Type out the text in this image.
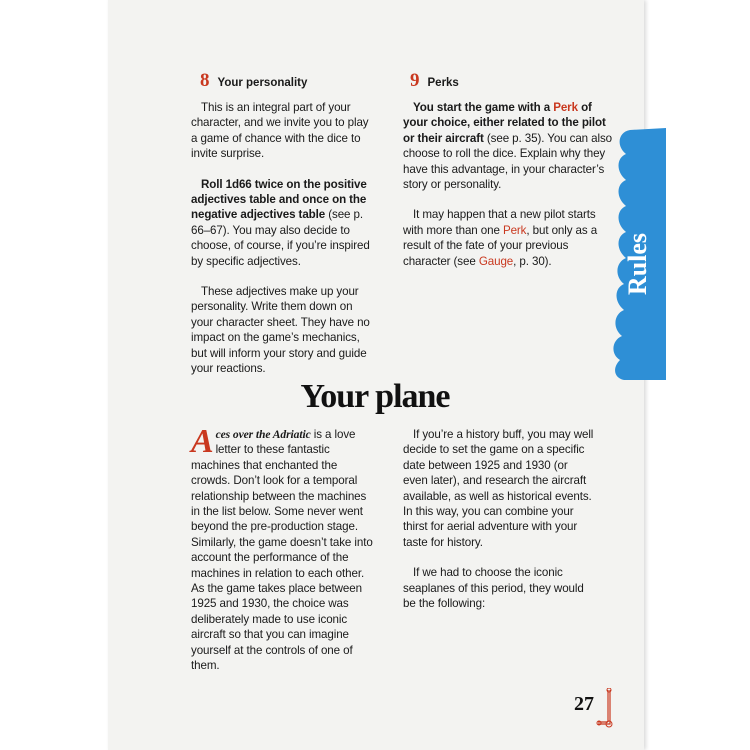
8 Your personality

This is an integral part of your character, and we invite you to play a game of chance with the dice to invite surprise.

Roll 1d66 twice on the positive adjectives table and once on the negative adjectives table (see p. 66–67). You may also decide to choose, of course, if you’re inspired by specific adjectives.

These adjectives make up your personality. Write them down on your character sheet. They have no impact on the game’s mechanics, but will inform your story and guide your reactions.

9 Perks

You start the game with a Perk of your choice, either related to the pilot or their aircraft (see p. 35). You can also choose to roll the dice. Explain why they have this advantage, in your character’s story or personality.

It may happen that a new pilot starts with more than one Perk, but only as a result of the fate of your previous character (see Gauge, p. 30).	Rules
Your plane

Aces over the Adriatic is a love letter to these fantastic machines that enchanted the crowds. Don’t look for a temporal relationship between the machines in the list below. Some never went beyond the pre-production stage. Similarly, the game doesn’t take into account the performance of the machines in relation to each other. As the game takes place between 1925 and 1930, the choice was deliberately made to use iconic aircraft so that you can imagine yourself at the controls of one of them.

If you’re a history buff, you may well decide to set the game on a specific date between 1925 and 1930 (or even later), and research the aircraft available, as well as historical events. In this way, you can combine your thirst for aerial adventure with your taste for history.

If we had to choose the iconic seaplanes of this period, they would be the following:

27
